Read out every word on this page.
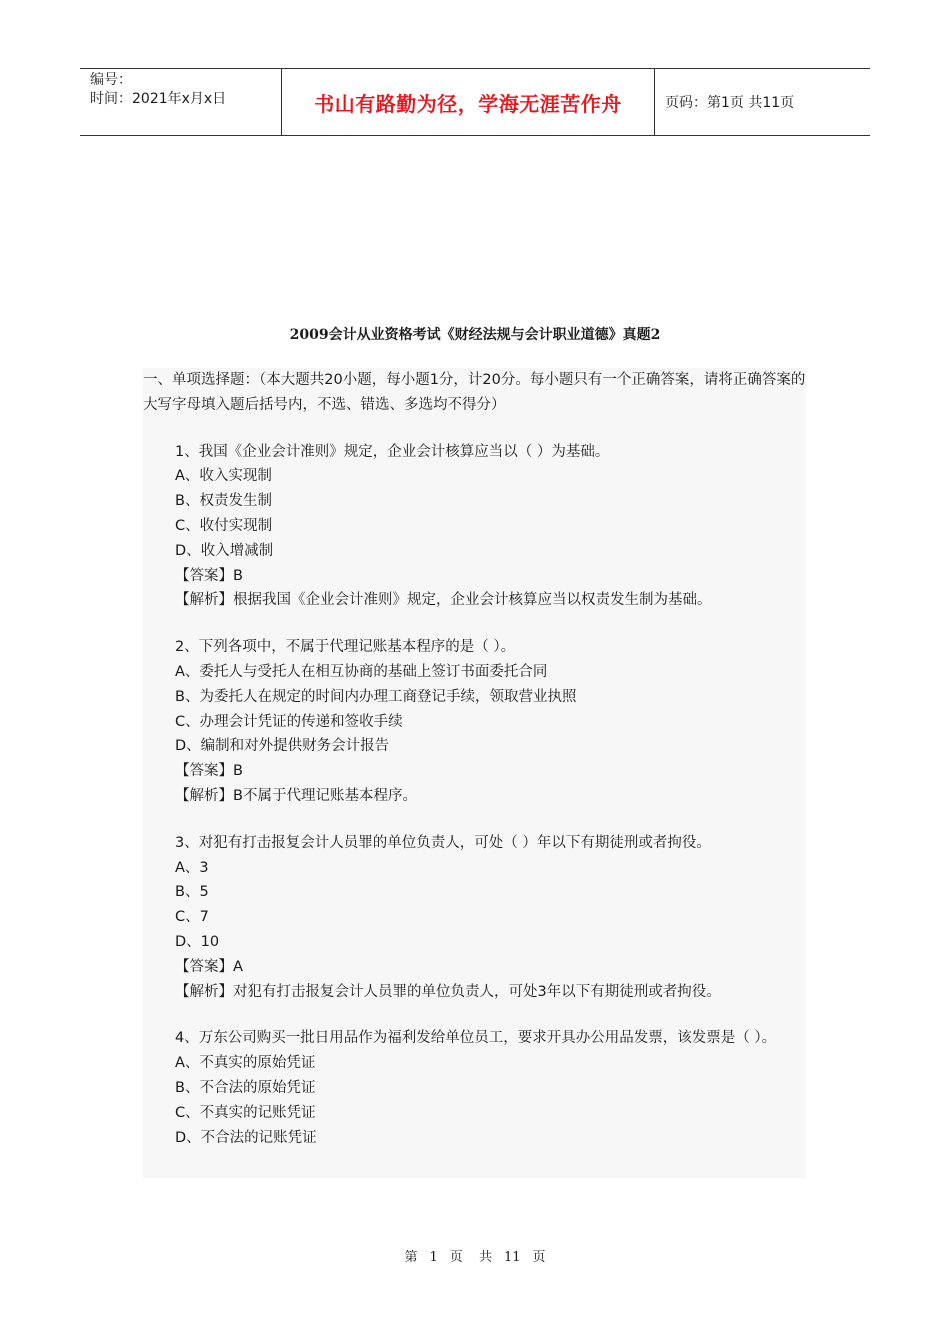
编号：
时间：2021年x月x日	书山有路勤为径，学海无涯苦作舟	页码：第1页 共11页
2009会计从业资格考试《财经法规与会计职业道德》真题2
一、单项选择题：（本大题共20小题，每小题1分，计20分。每小题只有一个正确答案，请将正确答案的大写字母填入题后括号内，不选、错选、多选均不得分）
1、我国《企业会计准则》规定，企业会计核算应当以（ ）为基础。
A、收入实现制
B、权责发生制
C、收付实现制
D、收入增减制
【答案】B
【解析】根据我国《企业会计准则》规定，企业会计核算应当以权责发生制为基础。
2、下列各项中，不属于代理记账基本程序的是（ ）。
A、委托人与受托人在相互协商的基础上签订书面委托合同
B、为委托人在规定的时间内办理工商登记手续，领取营业执照
C、办理会计凭证的传递和签收手续
D、编制和对外提供财务会计报告
【答案】B
【解析】B不属于代理记账基本程序。
3、对犯有打击报复会计人员罪的单位负责人，可处（ ）年以下有期徒刑或者拘役。
A、3
B、5
C、7
D、10
【答案】A
【解析】对犯有打击报复会计人员罪的单位负责人，可处3年以下有期徒刑或者拘役。
4、万东公司购买一批日用品作为福利发给单位员工，要求开具办公用品发票，该发票是（ ）。
A、不真实的原始凭证
B、不合法的原始凭证
C、不真实的记账凭证
D、不合法的记账凭证
第 1 页 共 11 页
